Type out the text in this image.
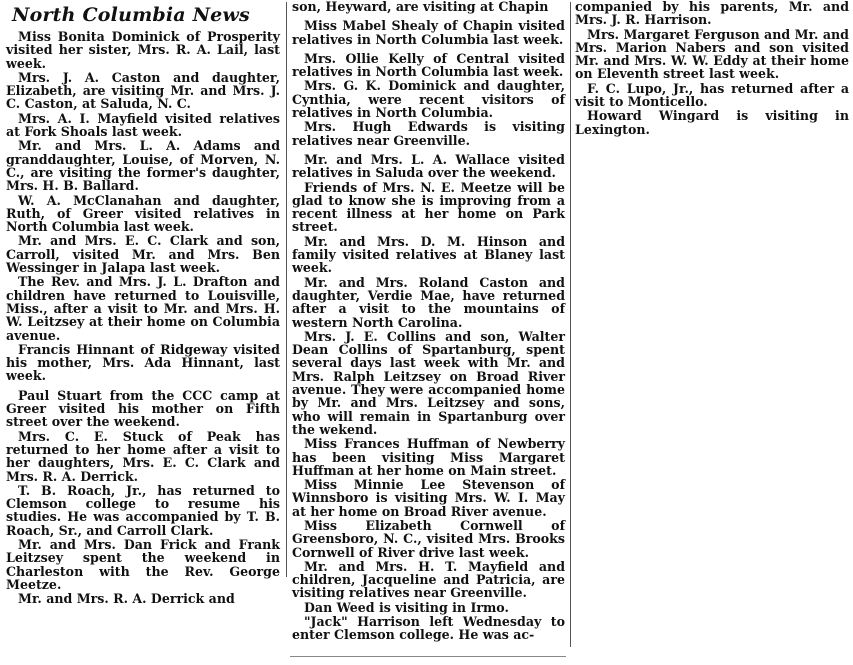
North Columbia News

Miss Bonita Dominick of Prosperity visited her sister, Mrs. R. A. Lail, last week.

Mrs. J. A. Caston and daughter, Elizabeth, are visiting Mr. and Mrs. J. C. Caston, at Saluda, N. C.

Mrs. A. I. Mayfield visited relatives at Fork Shoals last week.

Mr. and Mrs. L. A. Adams and granddaughter, Louise, of Morven, N. C., are visiting the former's daughter, Mrs. H. B. Ballard.

W. A. McClanahan and daughter, Ruth, of Greer visited relatives in North Columbia last week.

Mr. and Mrs. E. C. Clark and son, Carroll, visited Mr. and Mrs. Ben Wessinger in Jalapa last week.

The Rev. and Mrs. J. L. Drafton and children have returned to Louisville, Miss., after a visit to Mr. and Mrs. H. W. Leitzsey at their home on Columbia avenue.

Francis Hinnant of Ridgeway visited his mother, Mrs. Ada Hinnant, last week.

Paul Stuart from the CCC camp at Greer visited his mother on Fifth street over the weekend.

Mrs. C. E. Stuck of Peak has returned to her home after a visit to her daughters, Mrs. E. C. Clark and Mrs. R. A. Derrick.

T. B. Roach, Jr., has returned to Clemson college to resume his studies. He was accompanied by T. B. Roach, Sr., and Carroll Clark.

Mr. and Mrs. Dan Frick and Frank Leitzsey spent the weekend in Charleston with the Rev. George Meetze.

Mr. and Mrs. R. A. Derrick and

son, Heyward, are visiting at Chapin

Miss Mabel Shealy of Chapin visited relatives in North Columbia last week.

Mrs. Ollie Kelly of Central visited relatives in North Columbia last week.

Mrs. G. K. Dominick and daughter, Cynthia, were recent visitors of relatives in North Columbia.

Mrs. Hugh Edwards is visiting relatives near Greenville.

Mr. and Mrs. L. A. Wallace visited relatives in Saluda over the weekend.

Friends of Mrs. N. E. Meetze will be glad to know she is improving from a recent illness at her home on Park street.

Mr. and Mrs. D. M. Hinson and family visited relatives at Blaney last week.

Mr. and Mrs. Roland Caston and daughter, Verdie Mae, have returned after a visit to the mountains of western North Carolina.

Mrs. J. E. Collins and son, Walter Dean Collins of Spartanburg, spent several days last week with Mr. and Mrs. Ralph Leitzsey on Broad River avenue. They were accompanied home by Mr. and Mrs. Leitzsey and sons, who will remain in Spartanburg over the wekend.

Miss Frances Huffman of Newberry has been visiting Miss Margaret Huffman at her home on Main street.

Miss Minnie Lee Stevenson of Winnsboro is visiting Mrs. W. I. May at her home on Broad River avenue.

Miss Elizabeth Cornwell of Greensboro, N. C., visited Mrs. Brooks Cornwell of River drive last week.

Mr. and Mrs. H. T. Mayfield and children, Jacqueline and Patricia, are visiting relatives near Greenville.

Dan Weed is visiting in Irmo.

"Jack" Harrison left Wednesday to enter Clemson college. He was ac-

companied by his parents, Mr. and Mrs. J. R. Harrison.

Mrs. Margaret Ferguson and Mr. and Mrs. Marion Nabers and son visited Mr. and Mrs. W. W. Eddy at their home on Eleventh street last week.

F. C. Lupo, Jr., has returned after a visit to Monticello.

Howard Wingard is visiting in Lexington.
